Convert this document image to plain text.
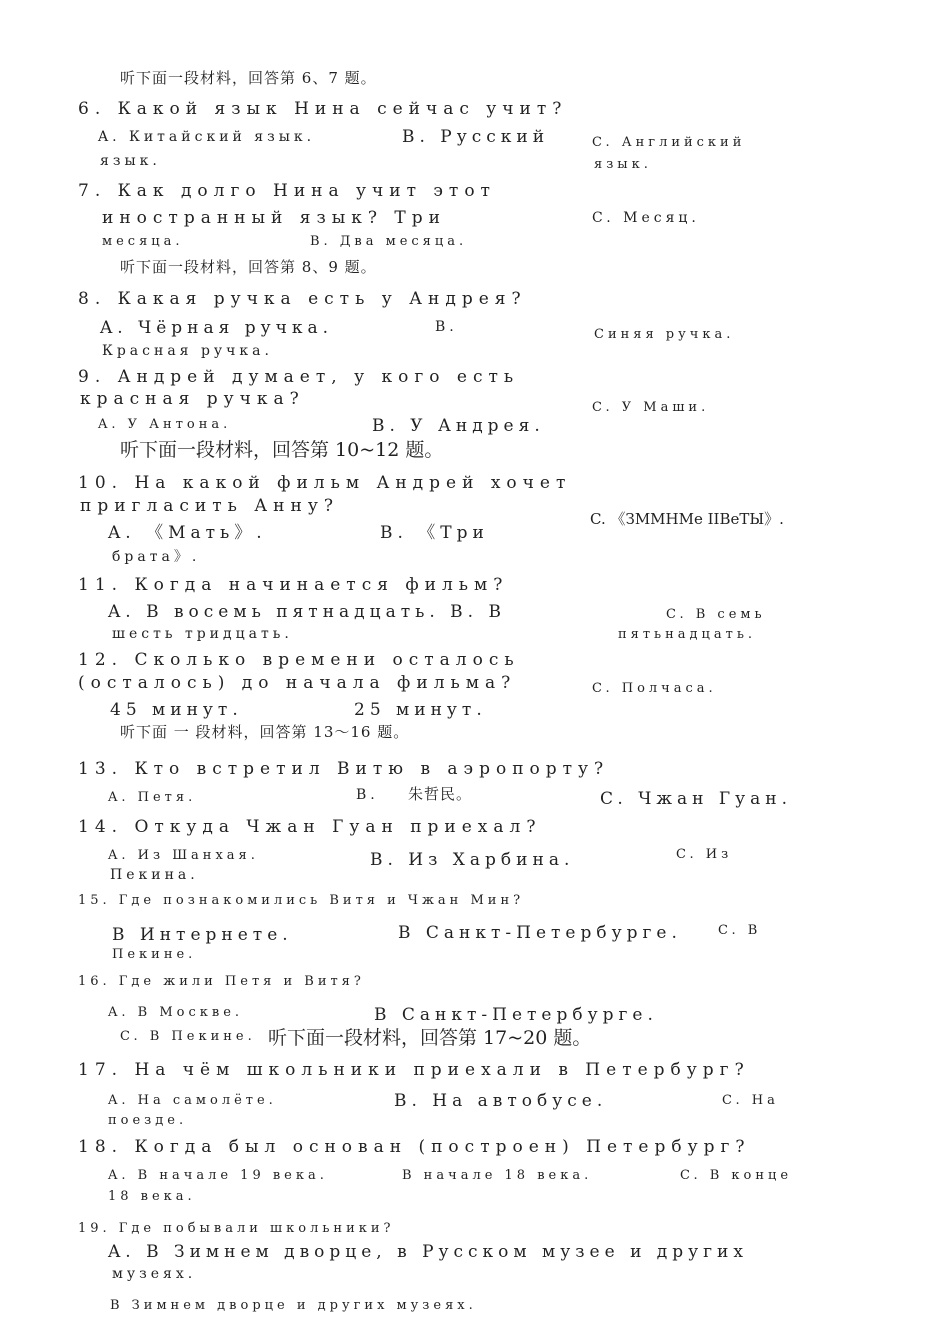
听下面一段材料，回答第 6、7 题。
6. Какой язык Нина сейчас учит?
A. Китайский язык.	B. Русский
язык.
C. Английский
язык.
7. Как долго Нина учит этот
иностранный язык? Три
месяца.	B. Два месяца.
C. Месяц.
听下面一段材料，回答第 8、9 题。
8. Какая ручка есть у Андрея?
A. Чёрная ручка.	B.
Красная ручка.
Синяя ручка.
9. Андрей думает, у кого есть
красная ручка?
A. У Антона.	B. У Андрея.
C. У Маши.
听下面一段材料，回答第 10~12 题。
10. На какой фильм Андрей хочет
пригласить Анну?
A. 《Мать》.	B. 《Три
брата》.
C. 《ЗММНМе IIВеТЫ》.
11. Когда начинается фильм?
A. В восемь пятнадцать. B. В
шесть тридцать.
C. В семь
пятьнадцать.
12. Сколько времени осталось
(осталось) до начала фильма?
45 минут.	25 минут.
C. Полчаса.
听下面 一 段材料，回答第 13～16 题。
13. Кто встретил Витю в аэропорту?
A. Петя.	B. 朱哲民。	C. Чжан Гуан.
14. Откуда Чжан Гуан приехал?
A. Из Шанхая.
Пекина.
B. Из Харбина.	C. Из
15. Где познакомились Витя и Чжан Мин?
В Интернете.	В Санкт-Петербурге.	C. В
Пекине.
16. Где жили Петя и Витя?
A. В Москве.	В Санкт-Петербурге.
C. В Пекине. 听下面一段材料，回答第 17~20 题。
17. На чём школьники приехали в Петербург?
A. На самолёте.	B. На автобусе.	C. На
поезде.
18. Когда был основан (построен) Петербург?
A. В начале 19 века.	В начале 18 века.	C. В конце
18 века.
19. Где побывали школьники?
A. В Зимнем дворце, в Русском музее и других
музеях.
В Зимнем дворце и других музеях.
